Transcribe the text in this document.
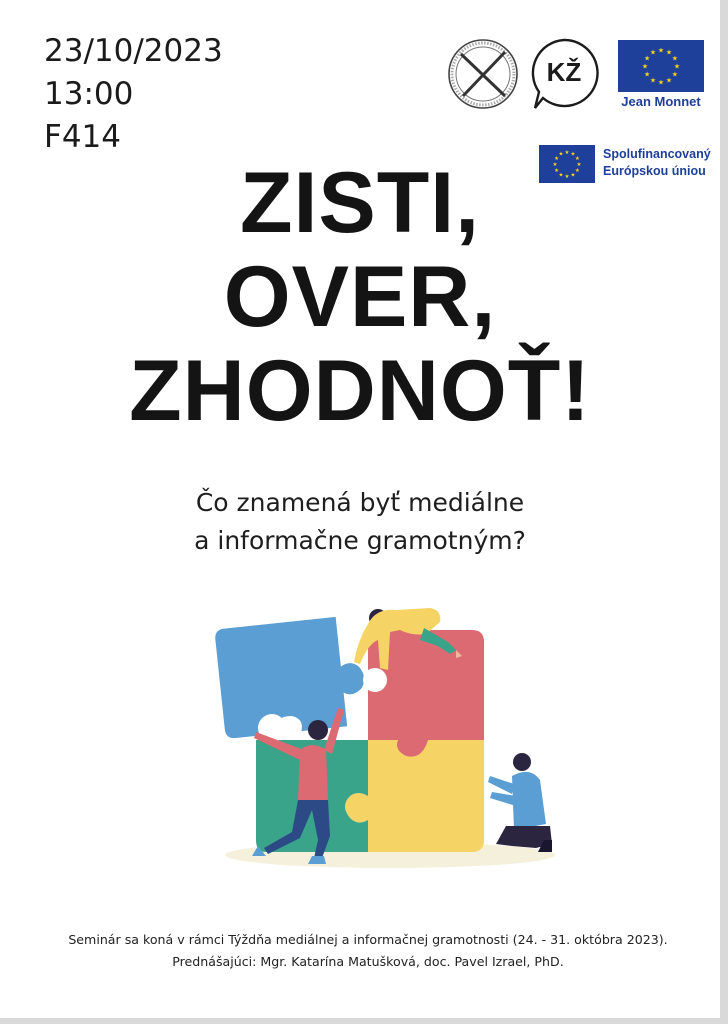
23/10/2023
13:00
F414
KŽ
★ ★
★
★
★
★
★
★
★
★
★
★
Jean Monnet
★ ★
★
★
★
★
★
★
★
★
★
★	Spolufinancovaný
Európskou úniou
ZISTI,
OVER,
ZHODNOŤ!
Čo znamená byť mediálne
a informačne gramotným?
Seminár sa koná v rámci Týždňa mediálnej a informačnej gramotnosti (24. - 31. októbra 2023).
Prednášajúci: Mgr. Katarína Matušková, doc. Pavel Izrael, PhD.
